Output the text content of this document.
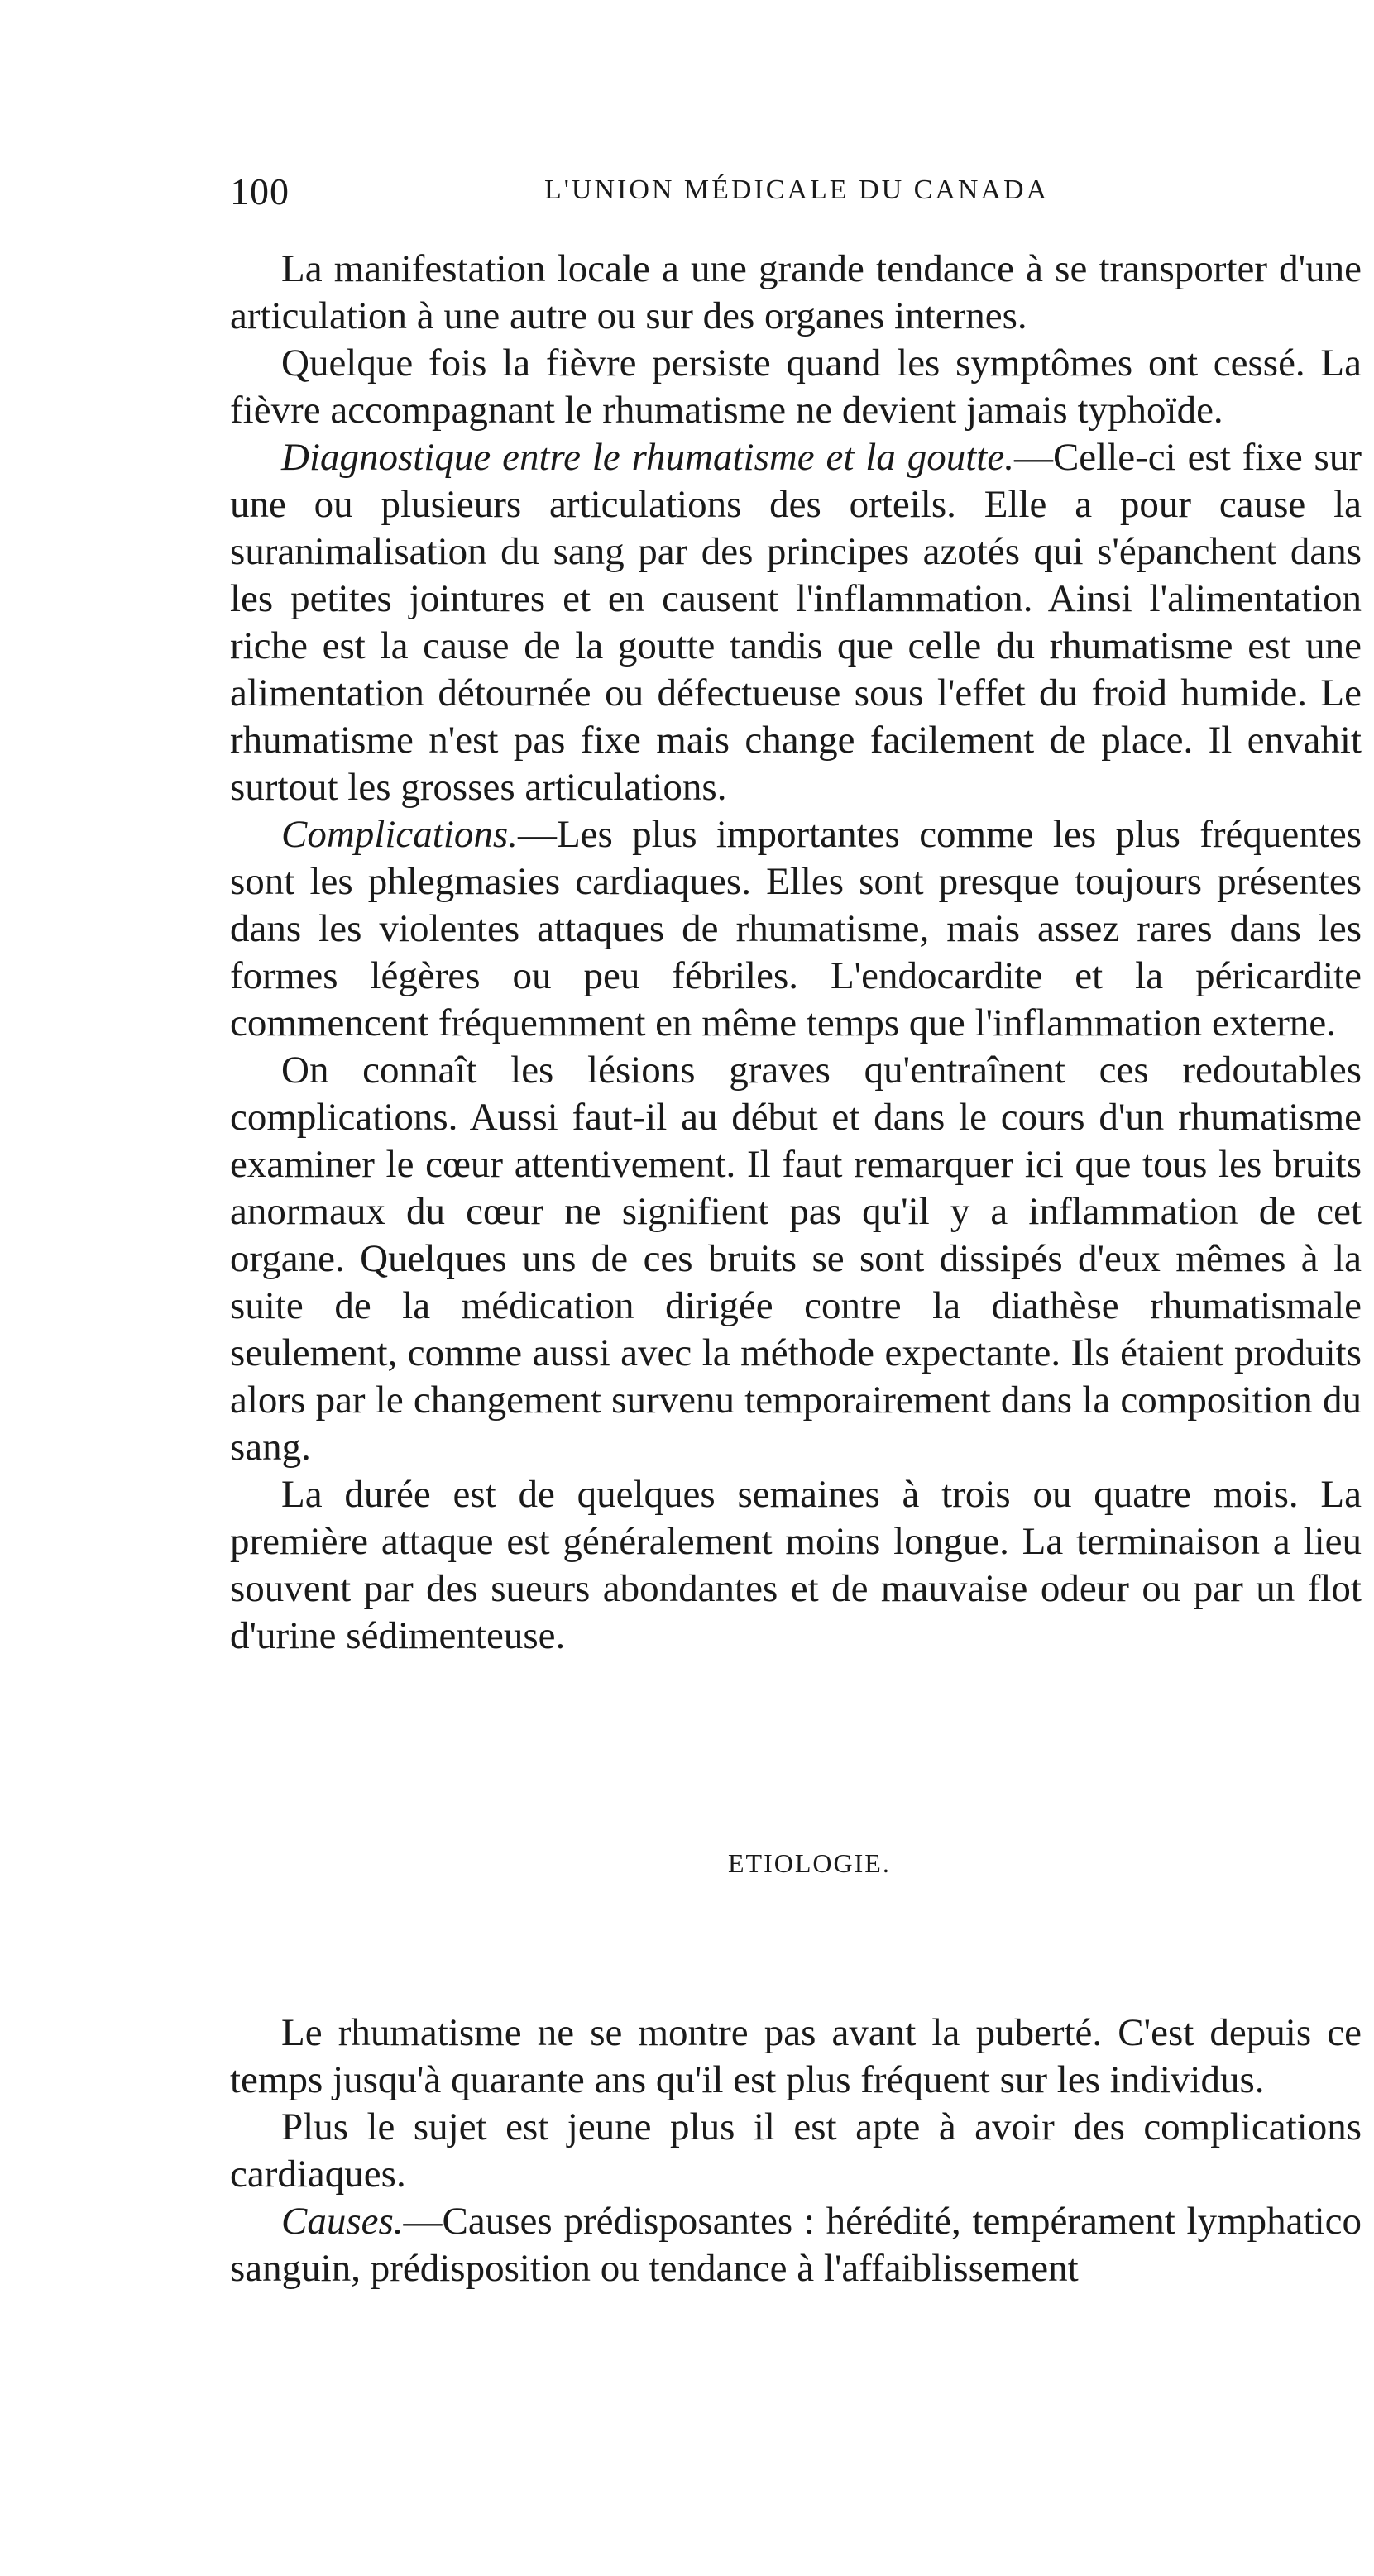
100	L'UNION MÉDICALE DU CANADA

La manifestation locale a une grande tendance à se transporter d'une articulation à une autre ou sur des organes internes.

Quelque fois la fièvre persiste quand les symptômes ont cessé. La fièvre accompagnant le rhumatisme ne devient jamais typhoïde.

Diagnostique entre le rhumatisme et la goutte.—Celle-ci est fixe sur une ou plusieurs articulations des orteils. Elle a pour cause la suranimalisation du sang par des principes azotés qui s'épanchent dans les petites jointures et en causent l'inflammation. Ainsi l'alimentation riche est la cause de la goutte tandis que celle du rhumatisme est une alimentation détournée ou défectueuse sous l'effet du froid humide. Le rhumatisme n'est pas fixe mais change facilement de place. Il envahit surtout les grosses articulations.

Complications.—Les plus importantes comme les plus fréquentes sont les phlegmasies cardiaques. Elles sont presque toujours présentes dans les violentes attaques de rhumatisme, mais assez rares dans les formes légères ou peu fébriles. L'endocardite et la péricardite commencent fréquemment en même temps que l'inflammation externe.

On connaît les lésions graves qu'entraînent ces redoutables complications. Aussi faut-il au début et dans le cours d'un rhumatisme examiner le cœur attentivement. Il faut remarquer ici que tous les bruits anormaux du cœur ne signifient pas qu'il y a inflammation de cet organe. Quelques uns de ces bruits se sont dissipés d'eux mêmes à la suite de la médication dirigée contre la diathèse rhumatismale seulement, comme aussi avec la méthode expectante. Ils étaient produits alors par le changement survenu temporairement dans la composition du sang.

La durée est de quelques semaines à trois ou quatre mois. La première attaque est généralement moins longue. La terminaison a lieu souvent par des sueurs abondantes et de mauvaise odeur ou par un flot d'urine sédimenteuse.

ETIOLOGIE.

Le rhumatisme ne se montre pas avant la puberté. C'est depuis ce temps jusqu'à quarante ans qu'il est plus fréquent sur les individus.

Plus le sujet est jeune plus il est apte à avoir des complications cardiaques.

Causes.—Causes prédisposantes : hérédité, tempérament lymphatico sanguin, prédisposition ou tendance à l'affaiblissement
